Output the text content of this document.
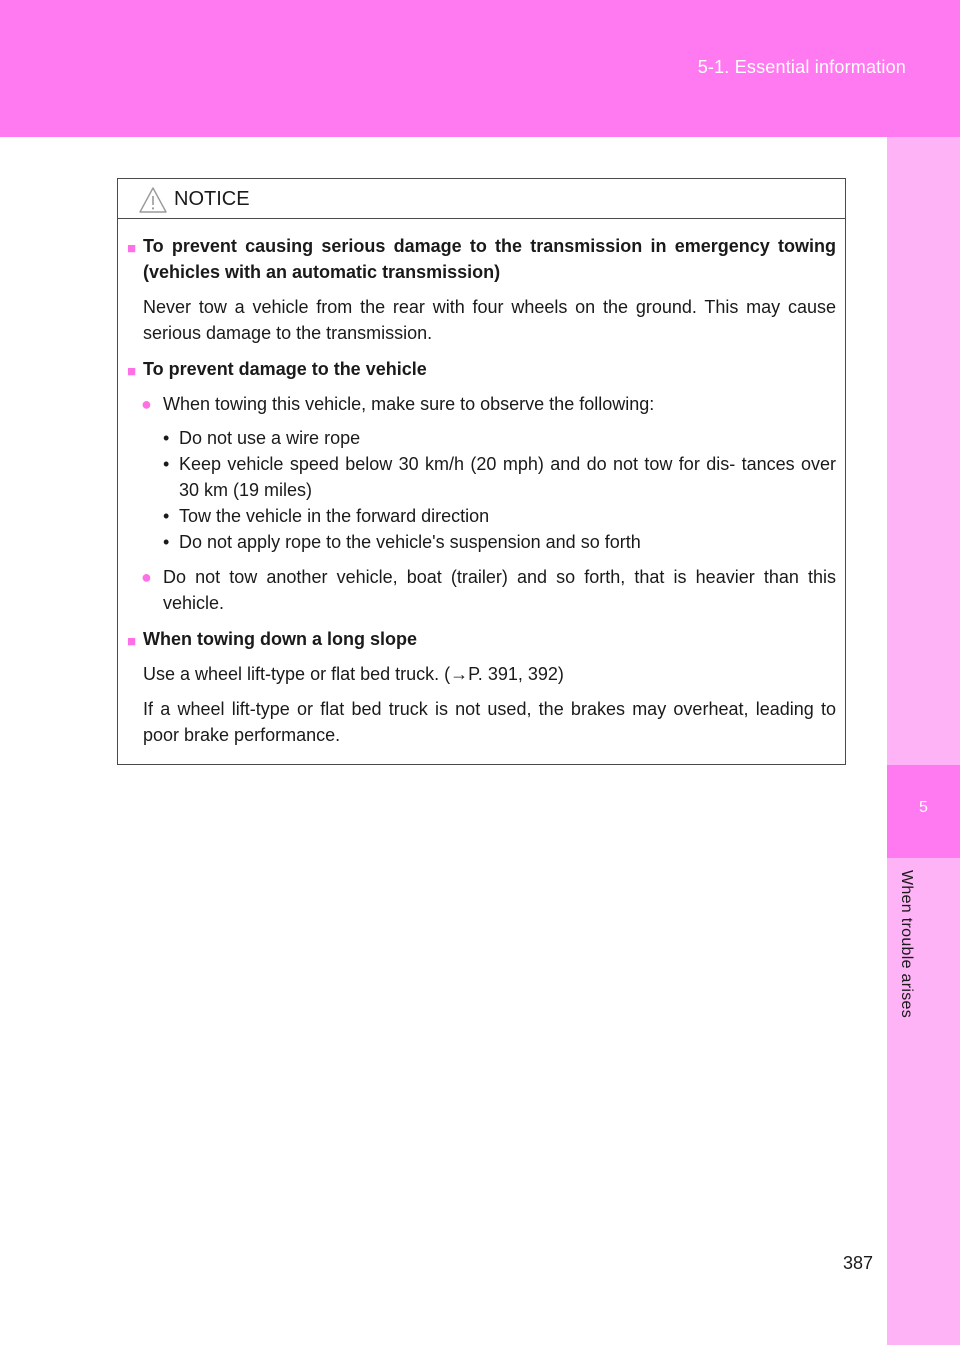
5-1. Essential information
5
When trouble arises
NOTICE
■ To prevent causing serious damage to the transmission in emergency towing (vehicles with an automatic transmission)
Never tow a vehicle from the rear with four wheels on the ground. This may cause serious damage to the transmission.
■ To prevent damage to the vehicle
● When towing this vehicle, make sure to observe the following:
• Do not use a wire rope
• Keep vehicle speed below 30 km/h (20 mph) and do not tow for dis- tances over 30 km (19 miles)
• Tow the vehicle in the forward direction
• Do not apply rope to the vehicle's suspension and so forth
● Do not tow another vehicle, boat (trailer) and so forth, that is heavier than this vehicle.
■ When towing down a long slope
Use a wheel lift-type or flat bed truck. (→P. 391, 392)
If a wheel lift-type or flat bed truck is not used, the brakes may overheat, leading to poor brake performance.
387
